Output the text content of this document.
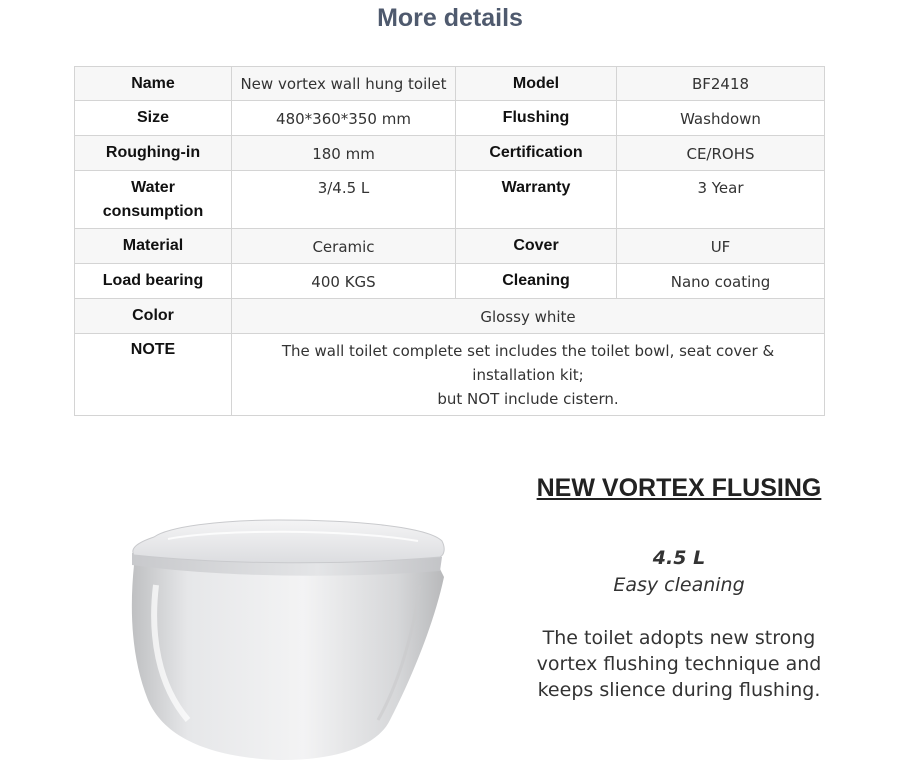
More details
Name	New vortex wall hung toilet	Model	BF2418
Size	480*360*350 mm	Flushing	Washdown
Roughing-in	180 mm	Certification	CE/ROHS
Water consumption	3/4.5 L	Warranty	3 Year
Material	Ceramic	Cover	UF
Load bearing	400 KGS	Cleaning	Nano coating
Color	Glossy white		
NOTE	The wall toilet complete set includes the toilet bowl, seat cover & installation kit;
but NOT include cistern.		
NEW VORTEX FLUSING
4.5 L
Easy cleaning
The toilet adopts new strong vortex flushing technique and keeps slience during flushing.
